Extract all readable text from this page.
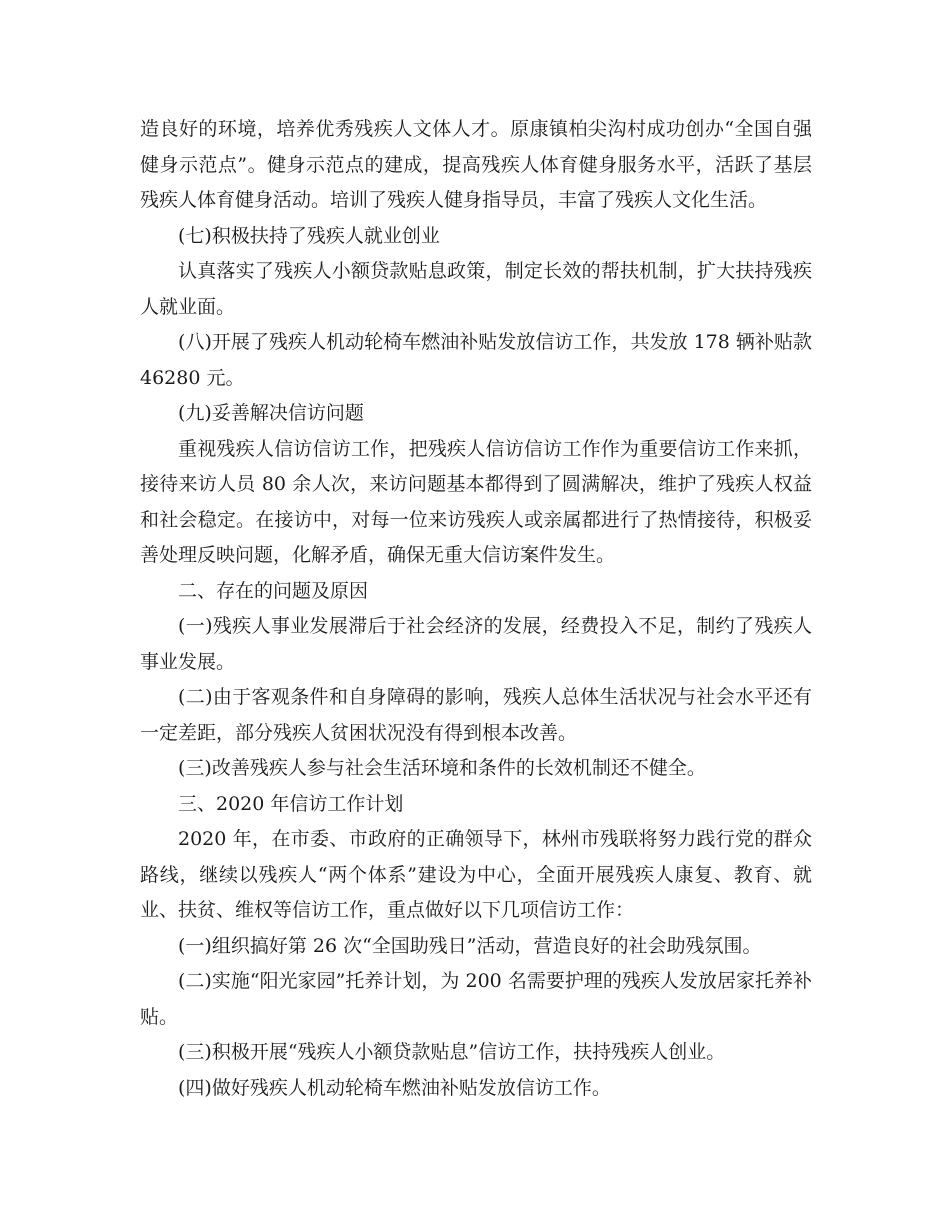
造良好的环境，培养优秀残疾人文体人才。原康镇柏尖沟村成功创办“全国自强健身示范点”。健身示范点的建成，提高残疾人体育健身服务水平，活跃了基层残疾人体育健身活动。培训了残疾人健身指导员，丰富了残疾人文化生活。

(七)积极扶持了残疾人就业创业

认真落实了残疾人小额贷款贴息政策，制定长效的帮扶机制，扩大扶持残疾人就业面。

(八)开展了残疾人机动轮椅车燃油补贴发放信访工作，共发放 178 辆补贴款 46280 元。

(九)妥善解决信访问题

重视残疾人信访信访工作，把残疾人信访信访工作作为重要信访工作来抓，接待来访人员 80 余人次，来访问题基本都得到了圆满解决，维护了残疾人权益和社会稳定。在接访中，对每一位来访残疾人或亲属都进行了热情接待，积极妥善处理反映问题，化解矛盾，确保无重大信访案件发生。

二、存在的问题及原因

(一)残疾人事业发展滞后于社会经济的发展，经费投入不足，制约了残疾人事业发展。

(二)由于客观条件和自身障碍的影响，残疾人总体生活状况与社会水平还有一定差距，部分残疾人贫困状况没有得到根本改善。

(三)改善残疾人参与社会生活环境和条件的长效机制还不健全。

三、2020 年信访工作计划

2020 年，在市委、市政府的正确领导下，林州市残联将努力践行党的群众路线，继续以残疾人“两个体系”建设为中心，全面开展残疾人康复、教育、就业、扶贫、维权等信访工作，重点做好以下几项信访工作：

(一)组织搞好第 26 次“全国助残日”活动，营造良好的社会助残氛围。

(二)实施“阳光家园”托养计划，为 200 名需要护理的残疾人发放居家托养补贴。

(三)积极开展“残疾人小额贷款贴息”信访工作，扶持残疾人创业。

(四)做好残疾人机动轮椅车燃油补贴发放信访工作。
